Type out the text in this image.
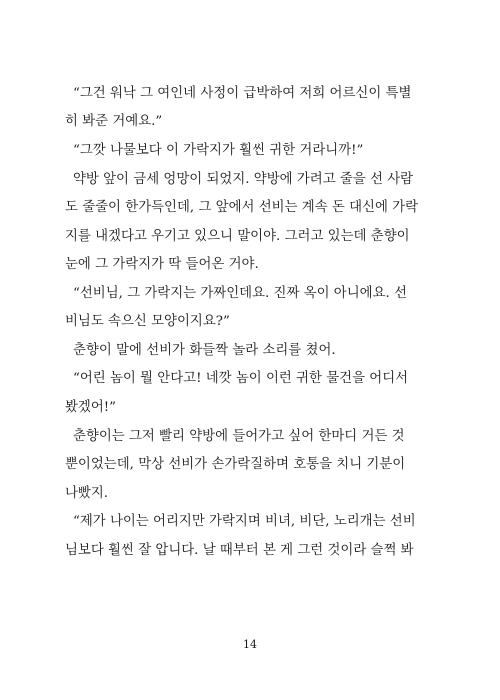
“그건 워낙 그 여인네 사정이 급박하여 저희 어르신이 특별
히 봐준 거예요.”
“그깟 나물보다 이 가락지가 훨씬 귀한 거라니까!”
약방 앞이 금세 엉망이 되었지. 약방에 가려고 줄을 선 사람
도 줄줄이 한가득인데, 그 앞에서 선비는 계속 돈 대신에 가락
지를 내겠다고 우기고 있으니 말이야. 그러고 있는데 춘향이
눈에 그 가락지가 딱 들어온 거야.
“선비님, 그 가락지는 가짜인데요. 진짜 옥이 아니에요. 선
비님도 속으신 모양이지요?”
춘향이 말에 선비가 화들짝 놀라 소리를 쳤어.
“어린 놈이 뭘 안다고! 네깟 놈이 이런 귀한 물건을 어디서
봤겠어!”
춘향이는 그저 빨리 약방에 들어가고 싶어 한마디 거든 것
뿐이었는데, 막상 선비가 손가락질하며 호통을 치니 기분이
나빴지.
“제가 나이는 어리지만 가락지며 비녀, 비단, 노리개는 선비
님보다 훨씬 잘 압니다. 날 때부터 본 게 그런 것이라 슬쩍 봐
14
